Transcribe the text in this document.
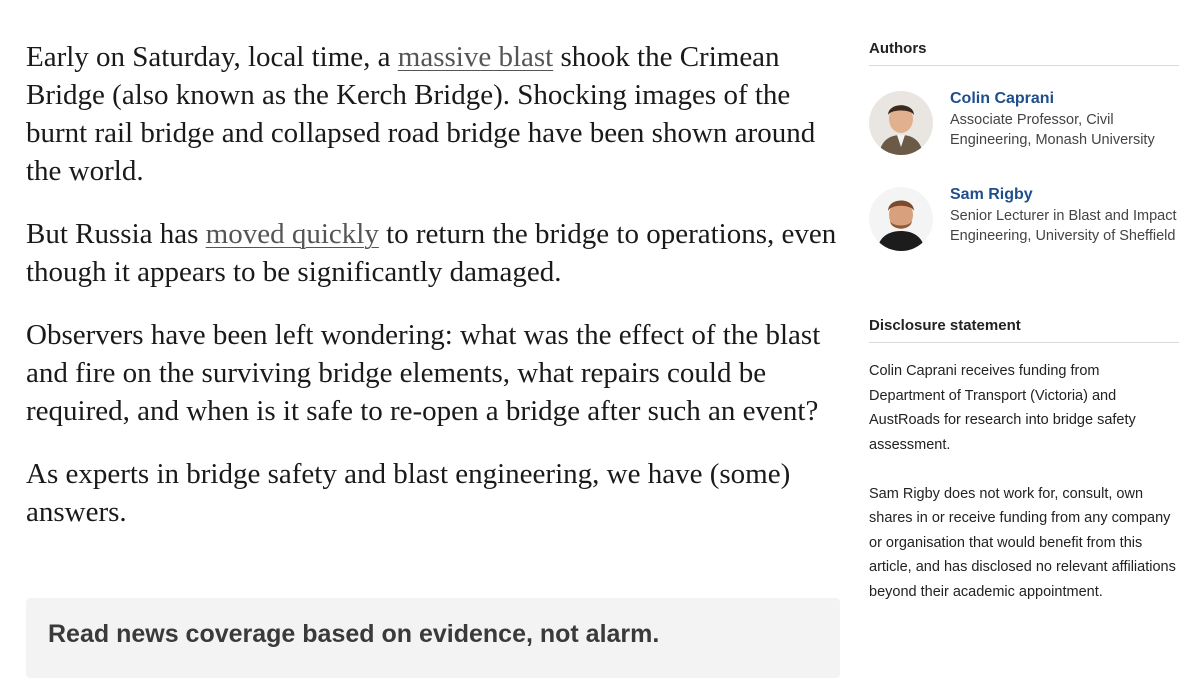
Early on Saturday, local time, a massive blast shook the Crimean Bridge (also known as the Kerch Bridge). Shocking images of the burnt rail bridge and collapsed road bridge have been shown around the world.

But Russia has moved quickly to return the bridge to operations, even though it appears to be significantly damaged.

Observers have been left wondering: what was the effect of the blast and fire on the surviving bridge elements, what repairs could be required, and when is it safe to re-open a bridge after such an event?

As experts in bridge safety and blast engineering, we have (some) answers.

Read news coverage based on evidence, not alarm.
Authors
Colin Caprani
Associate Professor, Civil Engineering, Monash University
Sam Rigby
Senior Lecturer in Blast and Impact Engineering, University of Sheffield
Disclosure statement

Colin Caprani receives funding from Department of Transport (Victoria) and AustRoads for research into bridge safety assessment.

Sam Rigby does not work for, consult, own shares in or receive funding from any company or organisation that would benefit from this article, and has disclosed no relevant affiliations beyond their academic appointment.
